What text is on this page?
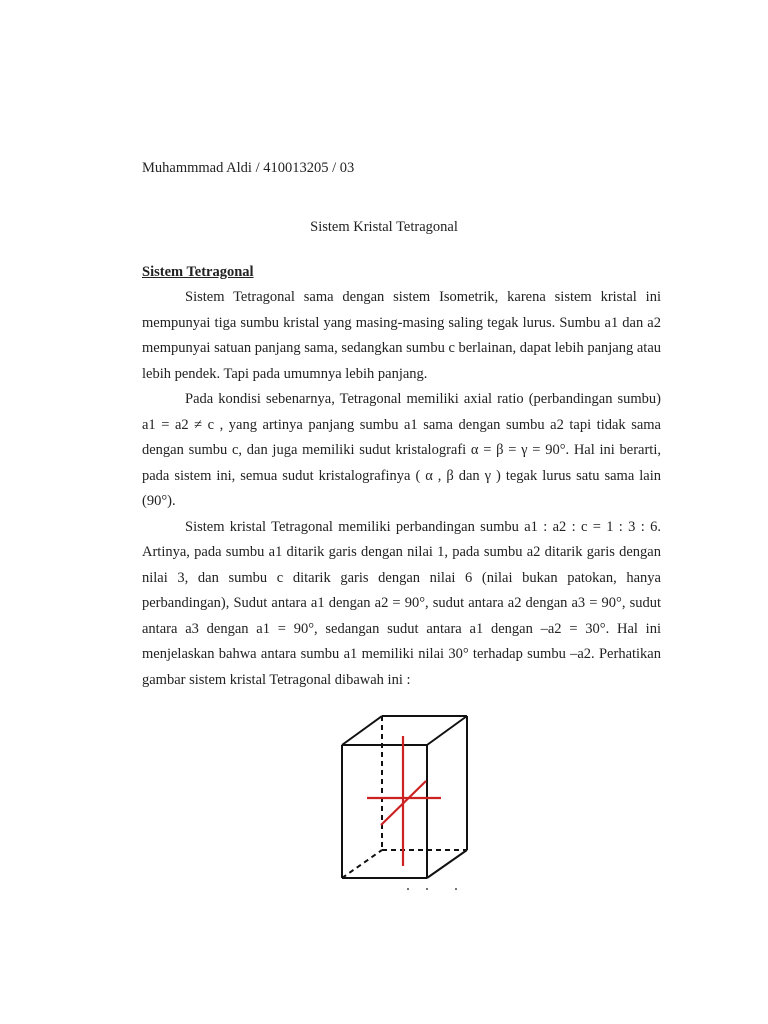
Muhammmad Aldi / 410013205 / 03
Sistem Kristal Tetragonal
Sistem Tetragonal

Sistem Tetragonal sama dengan sistem Isometrik, karena sistem kristal ini mempunyai tiga sumbu kristal yang masing-masing saling tegak lurus. Sumbu a1 dan a2 mempunyai satuan panjang sama, sedangkan sumbu c berlainan, dapat lebih panjang atau lebih pendek. Tapi pada umumnya lebih panjang.

Pada kondisi sebenarnya, Tetragonal memiliki axial ratio (perbandingan sumbu) a1 = a2 ≠ c , yang artinya panjang sumbu a1 sama dengan sumbu a2 tapi tidak sama dengan sumbu c, dan juga memiliki sudut kristalografi α = β = γ = 90°. Hal ini berarti, pada sistem ini, semua sudut kristalografinya ( α , β dan γ ) tegak lurus satu sama lain (90°).

Sistem kristal Tetragonal memiliki perbandingan sumbu a1 : a2 : c = 1 : 3 : 6. Artinya, pada sumbu a1 ditarik garis dengan nilai 1, pada sumbu a2 ditarik garis dengan nilai 3, dan sumbu c ditarik garis dengan nilai 6 (nilai bukan patokan, hanya perbandingan), Sudut antara a1 dengan a2 = 90°, sudut antara a2 dengan a3 = 90°, sudut antara a3 dengan a1 = 90°, sedangan sudut antara a1 dengan –a2 = 30°. Hal ini menjelaskan bahwa antara sumbu a1 memiliki nilai 30° terhadap sumbu –a2. Perhatikan gambar sistem kristal Tetragonal dibawah ini :
